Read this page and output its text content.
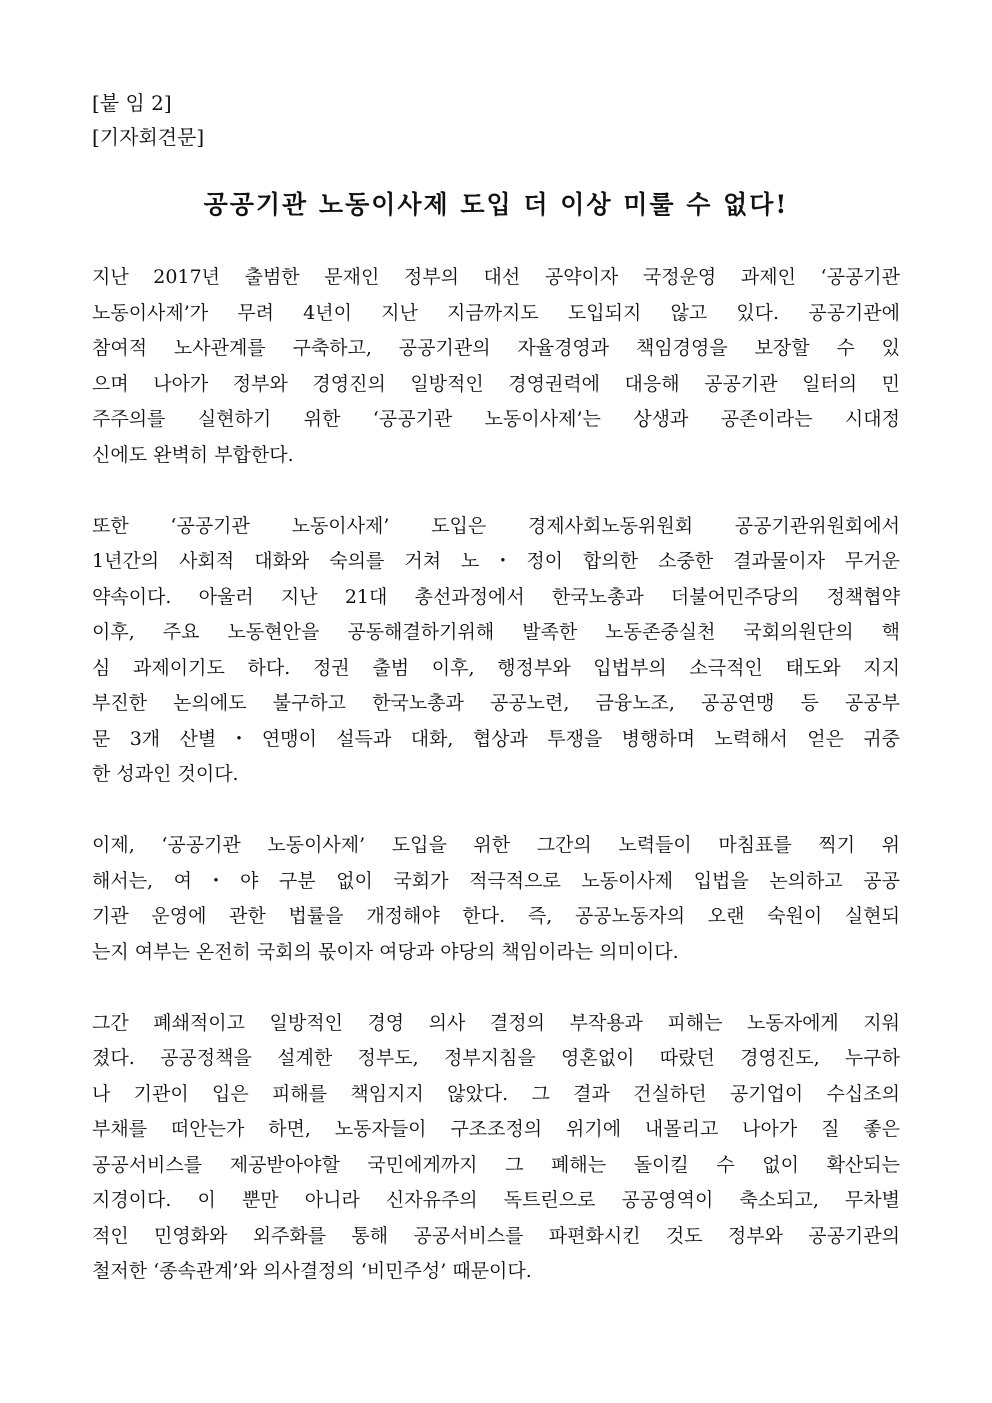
[붙 임 2]
[기자회견문]
공공기관 노동이사제 도입 더 이상 미룰 수 없다!
지난 2017년 출범한 문재인 정부의 대선 공약이자 국정운영 과제인 ‘공공기관
노동이사제’가 무려 4년이 지난 지금까지도 도입되지 않고 있다. 공공기관에
참여적 노사관계를 구축하고, 공공기관의 자율경영과 책임경영을 보장할 수 있
으며 나아가 정부와 경영진의 일방적인 경영권력에 대응해 공공기관 일터의 민
주주의를 실현하기 위한 ‘공공기관 노동이사제’는 상생과 공존이라는 시대정
신에도 완벽히 부합한다.
또한 ‘공공기관 노동이사제’ 도입은 경제사회노동위원회 공공기관위원회에서
1년간의 사회적 대화와 숙의를 거쳐 노・정이 합의한 소중한 결과물이자 무거운
약속이다. 아울러 지난 21대 총선과정에서 한국노총과 더불어민주당의 정책협약
이후, 주요 노동현안을 공동해결하기위해 발족한 노동존중실천 국회의원단의 핵
심 과제이기도 하다. 정권 출범 이후, 행정부와 입법부의 소극적인 태도와 지지
부진한 논의에도 불구하고 한국노총과 공공노련, 금융노조, 공공연맹 등 공공부
문 3개 산별・연맹이 설득과 대화, 협상과 투쟁을 병행하며 노력해서 얻은 귀중
한 성과인 것이다.
이제, ‘공공기관 노동이사제’ 도입을 위한 그간의 노력들이 마침표를 찍기 위
해서는, 여・야 구분 없이 국회가 적극적으로 노동이사제 입법을 논의하고 공공
기관 운영에 관한 법률을 개정해야 한다. 즉, 공공노동자의 오랜 숙원이 실현되
는지 여부는 온전히 국회의 몫이자 여당과 야당의 책임이라는 의미이다.
그간 폐쇄적이고 일방적인 경영 의사 결정의 부작용과 피해는 노동자에게 지워
졌다. 공공정책을 설계한 정부도, 정부지침을 영혼없이 따랐던 경영진도, 누구하
나 기관이 입은 피해를 책임지지 않았다. 그 결과 건실하던 공기업이 수십조의
부채를 떠안는가 하면, 노동자들이 구조조정의 위기에 내몰리고 나아가 질 좋은
공공서비스를 제공받아야할 국민에게까지 그 폐해는 돌이킬 수 없이 확산되는
지경이다. 이 뿐만 아니라 신자유주의 독트린으로 공공영역이 축소되고, 무차별
적인 민영화와 외주화를 통해 공공서비스를 파편화시킨 것도 정부와 공공기관의
철저한 ‘종속관계’와 의사결정의 ‘비민주성’ 때문이다.
